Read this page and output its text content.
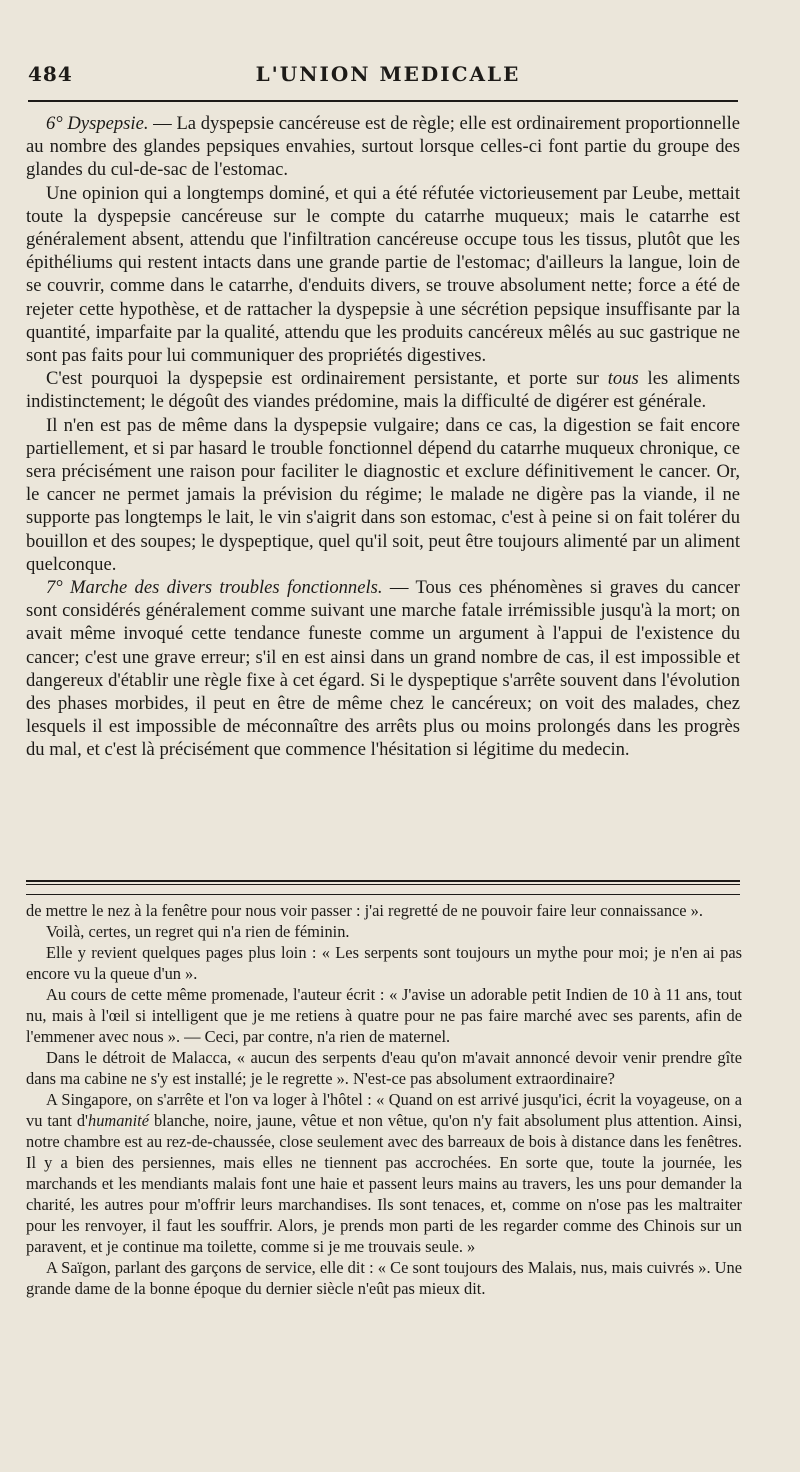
484	L'UNION MEDICALE

6° Dyspepsie. — La dyspepsie cancéreuse est de règle; elle est ordinairement proportionnelle au nombre des glandes pepsiques envahies, surtout lorsque celles-ci font partie du groupe des glandes du cul-de-sac de l'estomac.

Une opinion qui a longtemps dominé, et qui a été réfutée victorieusement par Leube, mettait toute la dyspepsie cancéreuse sur le compte du catarrhe muqueux; mais le catarrhe est généralement absent, attendu que l'infiltration cancéreuse occupe tous les tissus, plutôt que les épithéliums qui restent intacts dans une grande partie de l'estomac; d'ailleurs la langue, loin de se couvrir, comme dans le catarrhe, d'enduits divers, se trouve absolument nette; force a été de rejeter cette hypothèse, et de rattacher la dyspepsie à une sécrétion pepsique insuffisante par la quantité, imparfaite par la qualité, attendu que les produits cancéreux mêlés au suc gastrique ne sont pas faits pour lui communiquer des propriétés digestives.

C'est pourquoi la dyspepsie est ordinairement persistante, et porte sur tous les aliments indistinctement; le dégoût des viandes prédomine, mais la difficulté de digérer est générale.

Il n'en est pas de même dans la dyspepsie vulgaire; dans ce cas, la digestion se fait encore partiellement, et si par hasard le trouble fonctionnel dépend du catarrhe muqueux chronique, ce sera précisément une raison pour faciliter le diagnostic et exclure définitivement le cancer. Or, le cancer ne permet jamais la prévision du régime; le malade ne digère pas la viande, il ne supporte pas longtemps le lait, le vin s'aigrit dans son estomac, c'est à peine si on fait tolérer du bouillon et des soupes; le dyspeptique, quel qu'il soit, peut être toujours alimenté par un aliment quelconque.

7° Marche des divers troubles fonctionnels. — Tous ces phénomènes si graves du cancer sont considérés généralement comme suivant une marche fatale irrémissible jusqu'à la mort; on avait même invoqué cette tendance funeste comme un argument à l'appui de l'existence du cancer; c'est une grave erreur; s'il en est ainsi dans un grand nombre de cas, il est impossible et dangereux d'établir une règle fixe à cet égard. Si le dyspeptique s'arrête souvent dans l'évolution des phases morbides, il peut en être de même chez le cancéreux; on voit des malades, chez lesquels il est impossible de méconnaître des arrêts plus ou moins prolongés dans les progrès du mal, et c'est là précisément que commence l'hésitation si légitime du medecin.

de mettre le nez à la fenêtre pour nous voir passer : j'ai regretté de ne pouvoir faire leur connaissance ».

Voilà, certes, un regret qui n'a rien de féminin.

Elle y revient quelques pages plus loin : « Les serpents sont toujours un mythe pour moi; je n'en ai pas encore vu la queue d'un ».

Au cours de cette même promenade, l'auteur écrit : « J'avise un adorable petit Indien de 10 à 11 ans, tout nu, mais à l'œil si intelligent que je me retiens à quatre pour ne pas faire marché avec ses parents, afin de l'emmener avec nous ». — Ceci, par contre, n'a rien de maternel.

Dans le détroit de Malacca, « aucun des serpents d'eau qu'on m'avait annoncé devoir venir prendre gîte dans ma cabine ne s'y est installé; je le regrette ». N'est-ce pas absolument extraordinaire?

A Singapore, on s'arrête et l'on va loger à l'hôtel : « Quand on est arrivé jusqu'ici, écrit la voyageuse, on a vu tant d'humanité blanche, noire, jaune, vêtue et non vêtue, qu'on n'y fait absolument plus attention. Ainsi, notre chambre est au rez-de-chaussée, close seulement avec des barreaux de bois à distance dans les fenêtres. Il y a bien des persiennes, mais elles ne tiennent pas accrochées. En sorte que, toute la journée, les marchands et les mendiants malais font une haie et passent leurs mains au travers, les uns pour demander la charité, les autres pour m'offrir leurs marchandises. Ils sont tenaces, et, comme on n'ose pas les maltraiter pour les renvoyer, il faut les souffrir. Alors, je prends mon parti de les regarder comme des Chinois sur un paravent, et je continue ma toilette, comme si je me trouvais seule. »

A Saïgon, parlant des garçons de service, elle dit : « Ce sont toujours des Malais, nus, mais cuivrés ». Une grande dame de la bonne époque du dernier siècle n'eût pas mieux dit.
